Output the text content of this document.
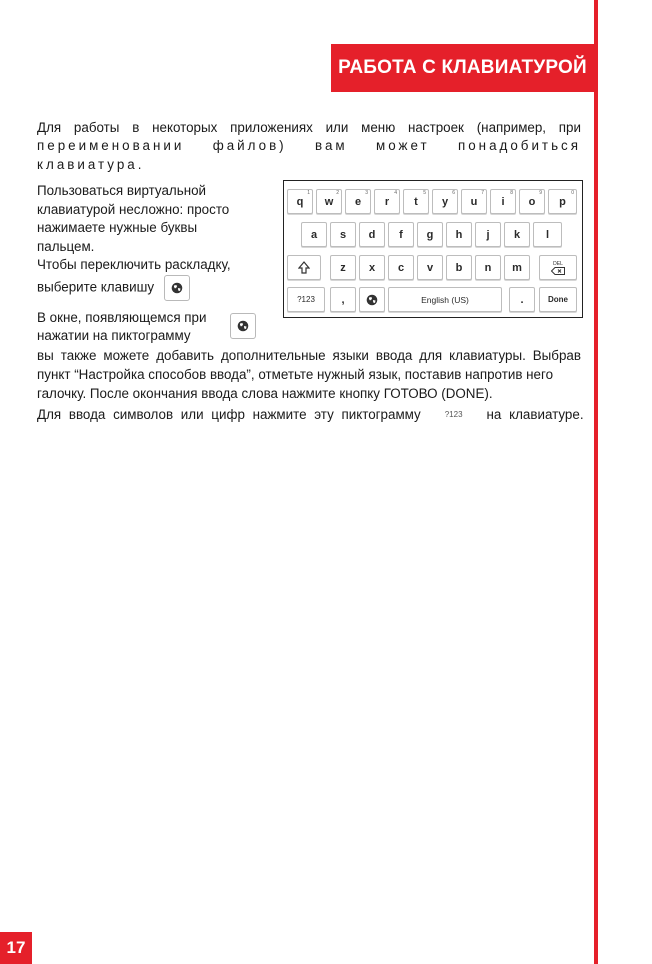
РАБОТА С КЛАВИАТУРОЙ
Для работы в некоторых приложениях или меню настроек (например, при
переименовании файлов) вам может понадобиться клавиатура.
Пользоваться виртуальной
клавиатурой несложно: просто
нажимаете нужные буквы
пальцем.
Чтобы переключить раскладку,
выберите клавишу
В окне, появляющемся при
нажатии на пиктограмму
вы также можете добавить дополнительные языки ввода для клавиатуры. Выбрав
пункт “Настройка способов ввода”, отметьте нужный язык, поставив напротив него
галочку. После окончания ввода слова нажмите кнопку ГОТОВО (DONE).
Для ввода символов или цифр нажмите эту пиктограмму	?123 на клавиатуре.
q
1
w
2
e
3
r
4
t
5
y
6
u
7
i
8
o
9
p
0
a	s	d	f	g	h	j	k	l
z	x	c	v	b	n	m	DEL
?123	,	English (US)	.	Done
17
